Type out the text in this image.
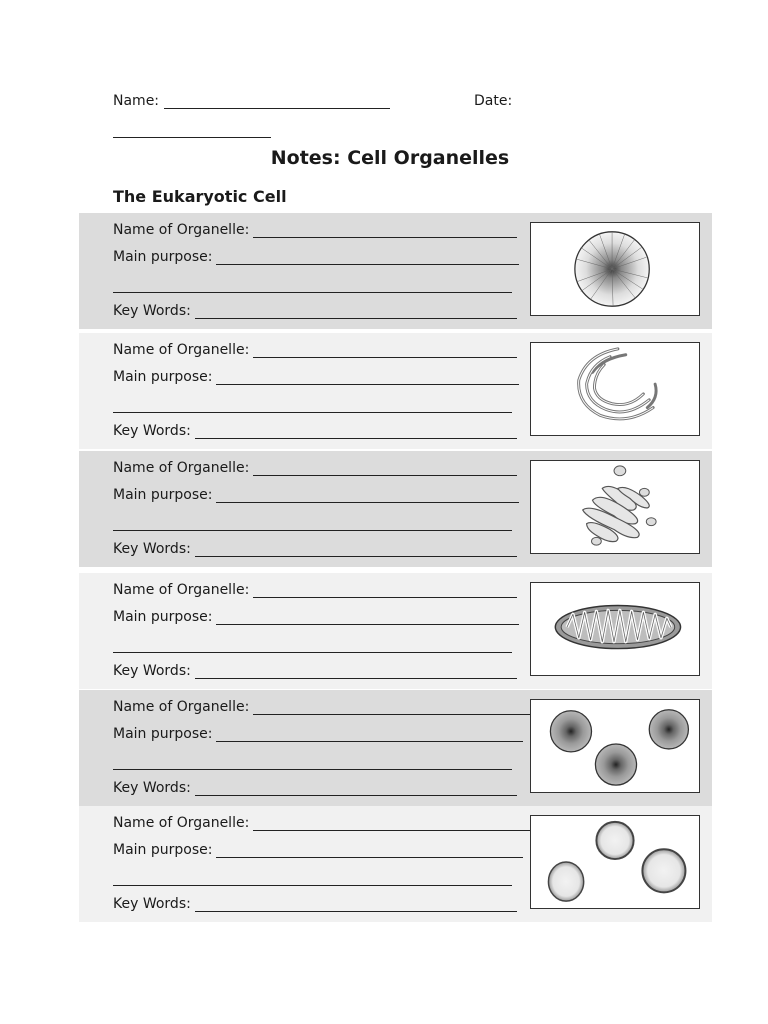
Name:	Date:
Notes: Cell Organelles
The Eukaryotic Cell
Name of Organelle:
Main purpose:
Key Words:
Name of Organelle:
Main purpose:
Key Words:
Name of Organelle:
Main purpose:
Key Words:
Name of Organelle:
Main purpose:
Key Words:
Name of Organelle:
Main purpose:
Key Words:
Name of Organelle:
Main purpose:
Key Words:
